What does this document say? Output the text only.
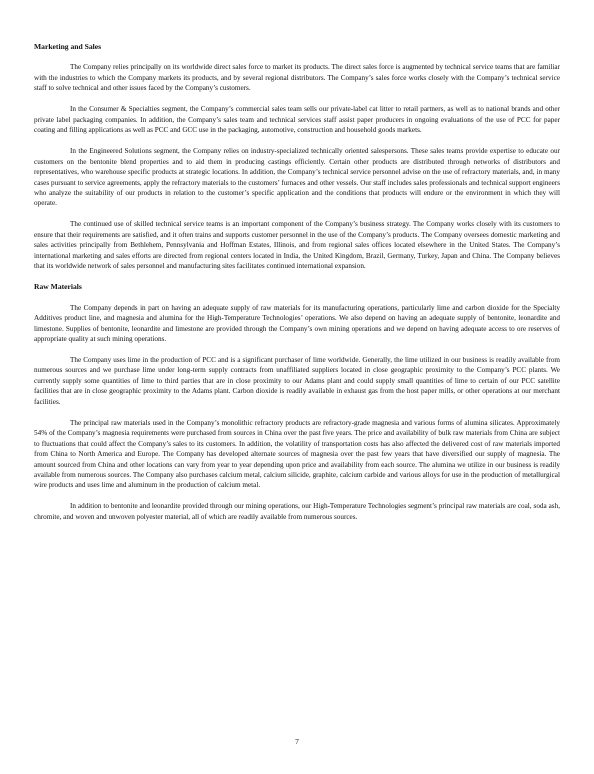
Marketing and Sales

The Company relies principally on its worldwide direct sales force to market its products. The direct sales force is augmented by technical service teams that are familiar with the industries to which the Company markets its products, and by several regional distributors. The Company’s sales force works closely with the Company’s technical service staff to solve technical and other issues faced by the Company’s customers.

In the Consumer & Specialties segment, the Company’s commercial sales team sells our private-label cat litter to retail partners, as well as to national brands and other private label packaging companies. In addition, the Company’s sales team and technical services staff assist paper producers in ongoing evaluations of the use of PCC for paper coating and filling applications as well as PCC and GCC use in the packaging, automotive, construction and household goods markets.

In the Engineered Solutions segment, the Company relies on industry-specialized technically oriented salespersons. These sales teams provide expertise to educate our customers on the bentonite blend properties and to aid them in producing castings efficiently. Certain other products are distributed through networks of distributors and representatives, who warehouse specific products at strategic locations. In addition, the Company’s technical service personnel advise on the use of refractory materials, and, in many cases pursuant to service agreements, apply the refractory materials to the customers’ furnaces and other vessels. Our staff includes sales professionals and technical support engineers who analyze the suitability of our products in relation to the customer’s specific application and the conditions that products will endure or the environment in which they will operate.

The continued use of skilled technical service teams is an important component of the Company’s business strategy. The Company works closely with its customers to ensure that their requirements are satisfied, and it often trains and supports customer personnel in the use of the Company’s products. The Company oversees domestic marketing and sales activities principally from Bethlehem, Pennsylvania and Hoffman Estates, Illinois, and from regional sales offices located elsewhere in the United States. The Company’s international marketing and sales efforts are directed from regional centers located in India, the United Kingdom, Brazil, Germany, Turkey, Japan and China. The Company believes that its worldwide network of sales personnel and manufacturing sites facilitates continued international expansion.

Raw Materials

The Company depends in part on having an adequate supply of raw materials for its manufacturing operations, particularly lime and carbon dioxide for the Specialty Additives product line, and magnesia and alumina for the High-Temperature Technologies’ operations. We also depend on having an adequate supply of bentonite, leonardite and limestone. Supplies of bentonite, leonardite and limestone are provided through the Company’s own mining operations and we depend on having adequate access to ore reserves of appropriate quality at such mining operations.

The Company uses lime in the production of PCC and is a significant purchaser of lime worldwide. Generally, the lime utilized in our business is readily available from numerous sources and we purchase lime under long-term supply contracts from unaffiliated suppliers located in close geographic proximity to the Company’s PCC plants. We currently supply some quantities of lime to third parties that are in close proximity to our Adams plant and could supply small quantities of lime to certain of our PCC satellite facilities that are in close geographic proximity to the Adams plant. Carbon dioxide is readily available in exhaust gas from the host paper mills, or other operations at our merchant facilities.

The principal raw materials used in the Company’s monolithic refractory products are refractory-grade magnesia and various forms of alumina silicates. Approximately 54% of the Company’s magnesia requirements were purchased from sources in China over the past five years. The price and availability of bulk raw materials from China are subject to fluctuations that could affect the Company’s sales to its customers. In addition, the volatility of transportation costs has also affected the delivered cost of raw materials imported from China to North America and Europe. The Company has developed alternate sources of magnesia over the past few years that have diversified our supply of magnesia. The amount sourced from China and other locations can vary from year to year depending upon price and availability from each source. The alumina we utilize in our business is readily available from numerous sources. The Company also purchases calcium metal, calcium silicide, graphite, calcium carbide and various alloys for use in the production of metallurgical wire products and uses lime and aluminum in the production of calcium metal.

In addition to bentonite and leonardite provided through our mining operations, our High-Temperature Technologies segment’s principal raw materials are coal, soda ash, chromite, and woven and unwoven polyester material, all of which are readily available from numerous sources.

7
